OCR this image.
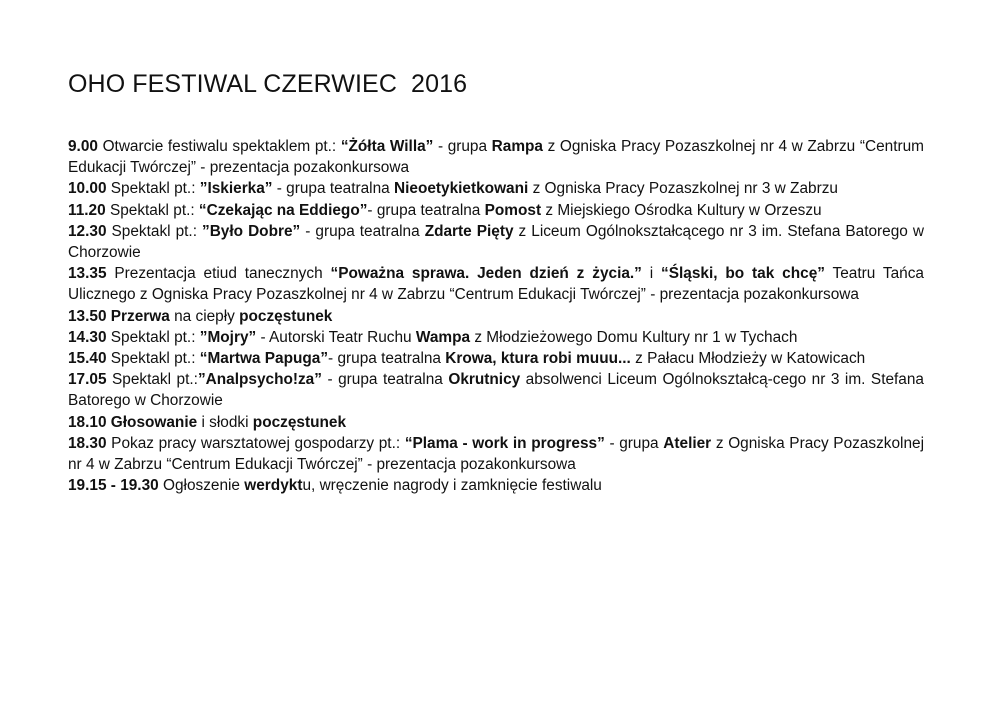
OHO FESTIWAL CZERWIEC  2016

9.00 Otwarcie festiwalu spektaklem pt.: “Żółta Willa” - grupa Rampa z Ogniska Pracy Pozaszkolnej nr 4 w Zabrzu “Centrum Edukacji Twórczej” - prezentacja pozakonkursowa

10.00 Spektakl pt.: ”Iskierka” - grupa teatralna Nieoetykietkowani z Ogniska Pracy Pozaszkolnej nr 3 w Zabrzu

11.20 Spektakl pt.: “Czekając na Eddiego”- grupa teatralna Pomost z Miejskiego Ośrodka Kultury w Orzeszu

12.30 Spektakl pt.: ”Było Dobre” - grupa teatralna Zdarte Pięty z Liceum Ogólnokształcącego nr 3 im. Stefana Batorego w Chorzowie

13.35 Prezentacja etiud tanecznych “Poważna sprawa. Jeden dzień z życia.” i “Śląski, bo tak chcę” Teatru Tańca Ulicznego z Ogniska Pracy Pozaszkolnej nr 4 w Zabrzu “Centrum Edukacji Twórczej” - prezentacja pozakonkursowa

13.50 Przerwa na ciepły poczęstunek

14.30 Spektakl pt.: ”Mojry” - Autorski Teatr Ruchu Wampa z Młodzieżowego Domu Kultury nr 1 w Tychach

15.40 Spektakl pt.: “Martwa Papuga”- grupa teatralna Krowa, ktura robi muuu... z Pałacu Młodzieży w Katowicach

17.05 Spektakl pt.:”Analpsycho!za” - grupa teatralna Okrutnicy absolwenci Liceum Ogólnokształcą-cego nr 3 im. Stefana Batorego w Chorzowie

18.10 Głosowanie i słodki poczęstunek

18.30 Pokaz pracy warsztatowej gospodarzy pt.: “Plama - work in progress” - grupa Atelier z Ogniska Pracy Pozaszkolnej nr 4 w Zabrzu “Centrum Edukacji Twórczej” - prezentacja pozakonkursowa

19.15 - 19.30 Ogłoszenie werdyktu, wręczenie nagrody i zamknięcie festiwalu
